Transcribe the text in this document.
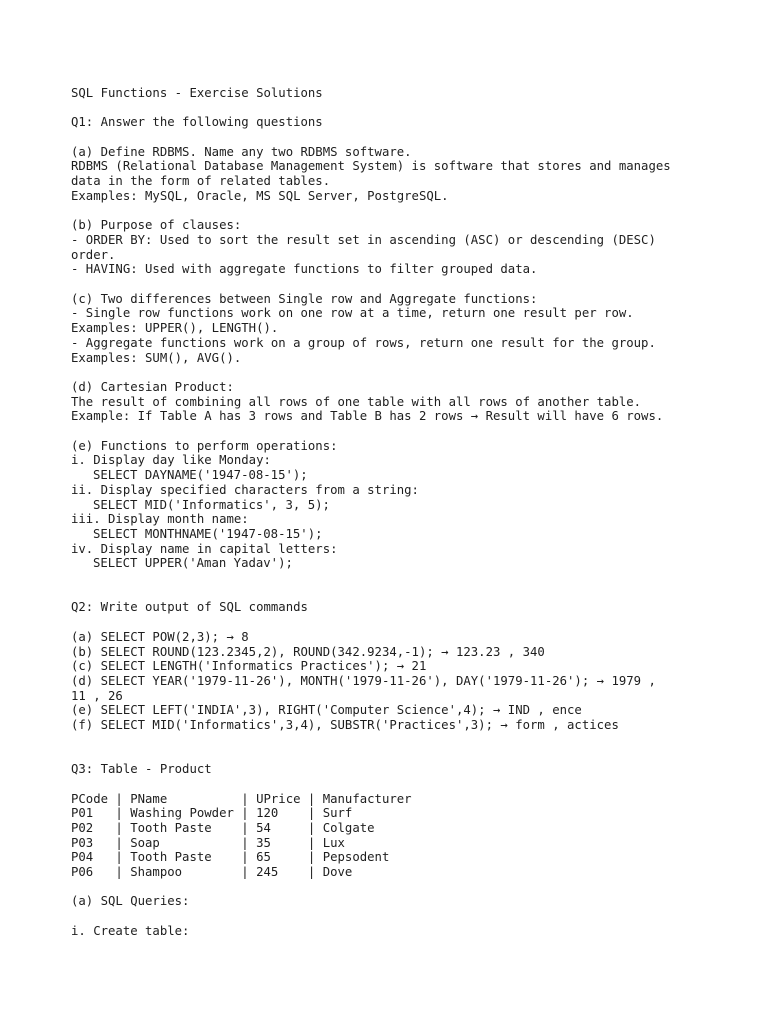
SQL Functions - Exercise Solutions
Q1: Answer the following questions
(a) Define RDBMS. Name any two RDBMS software.
RDBMS (Relational Database Management System) is software that stores and manages
data in the form of related tables.
Examples: MySQL, Oracle, MS SQL Server, PostgreSQL.
(b) Purpose of clauses:
- ORDER BY: Used to sort the result set in ascending (ASC) or descending (DESC)
order.
- HAVING: Used with aggregate functions to filter grouped data.
(c) Two differences between Single row and Aggregate functions:
- Single row functions work on one row at a time, return one result per row.
Examples: UPPER(), LENGTH().
- Aggregate functions work on a group of rows, return one result for the group.
Examples: SUM(), AVG().
(d) Cartesian Product:
The result of combining all rows of one table with all rows of another table.
Example: If Table A has 3 rows and Table B has 2 rows → Result will have 6 rows.
(e) Functions to perform operations:
i. Display day like Monday:
SELECT DAYNAME('1947-08-15');
ii. Display specified characters from a string:
SELECT MID('Informatics', 3, 5);
iii. Display month name:
SELECT MONTHNAME('1947-08-15');
iv. Display name in capital letters:
SELECT UPPER('Aman Yadav');
Q2: Write output of SQL commands
(a) SELECT POW(2,3); → 8
(b) SELECT ROUND(123.2345,2), ROUND(342.9234,-1); → 123.23 , 340
(c) SELECT LENGTH('Informatics Practices'); → 21
(d) SELECT YEAR('1979-11-26'), MONTH('1979-11-26'), DAY('1979-11-26'); → 1979 ,
11 , 26
(e) SELECT LEFT('INDIA',3), RIGHT('Computer Science',4); → IND , ence
(f) SELECT MID('Informatics',3,4), SUBSTR('Practices',3); → form , actices
Q3: Table - Product
PCode | PName          | UPrice | Manufacturer
P01   | Washing Powder | 120    | Surf
P02   | Tooth Paste    | 54     | Colgate
P03   | Soap           | 35     | Lux
P04   | Tooth Paste    | 65     | Pepsodent
P06   | Shampoo        | 245    | Dove
(a) SQL Queries:
i. Create table:
